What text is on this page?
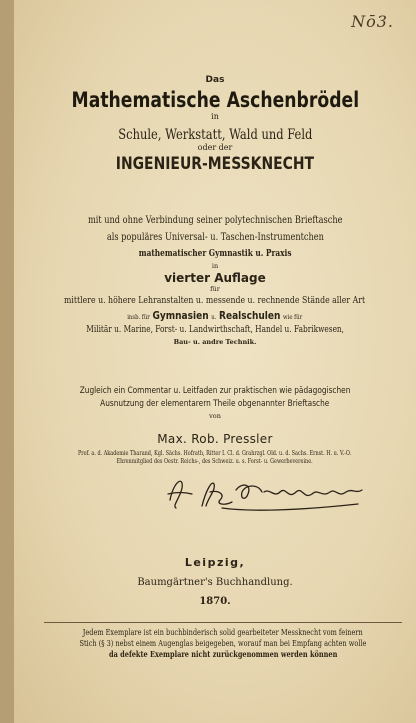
Nō3.
Das
Mathematische Aschenbrödel
in
Schule, Werkstatt, Wald und Feld
oder der
INGENIEUR-MESSKNECHT
mit und ohne Verbindung seiner polytechnischen Brieftasche
als populäres Universal- u. Taschen-Instrumentchen
mathematischer Gymnastik u. Praxis
in
vierter Auflage
für
mittlere u. höhere Lehranstalten u. messende u. rechnende Stände aller Art
insb. für Gymnasien u. Realschulen wie für
Militär u. Marine, Forst- u. Landwirthschaft, Handel u. Fabrikwesen,
Bau- u. andre Technik.
Zugleich ein Commentar u. Leitfaden zur praktischen wie pädagogischen
Ausnutzung der elementarern Theile obgenannter Brieftasche
von
Max. Rob. Pressler
Prof. a. d. Akademie Tharand, Kgl. Sächs. Hofrath, Ritter I. Cl. d. Grahrzgl. Old. u. d. Sachs. Ernst. H. u. V.-O.
Ehrenmitglied des Oestr. Reichs-, des Schweiz. u. s. Forst- u. Gewerbevereine.
Leipzig,
Baumgärtner's Buchhandlung.
1870.
Jedem Exemplare ist ein buchbinderisch solid gearbeiteter Messknecht vom feinern
Stich (§ 3) nebst einem Augenglas beigegeben, worauf man bei Empfang achten wolle
da defekte Exemplare nicht zurückgenommen werden können
